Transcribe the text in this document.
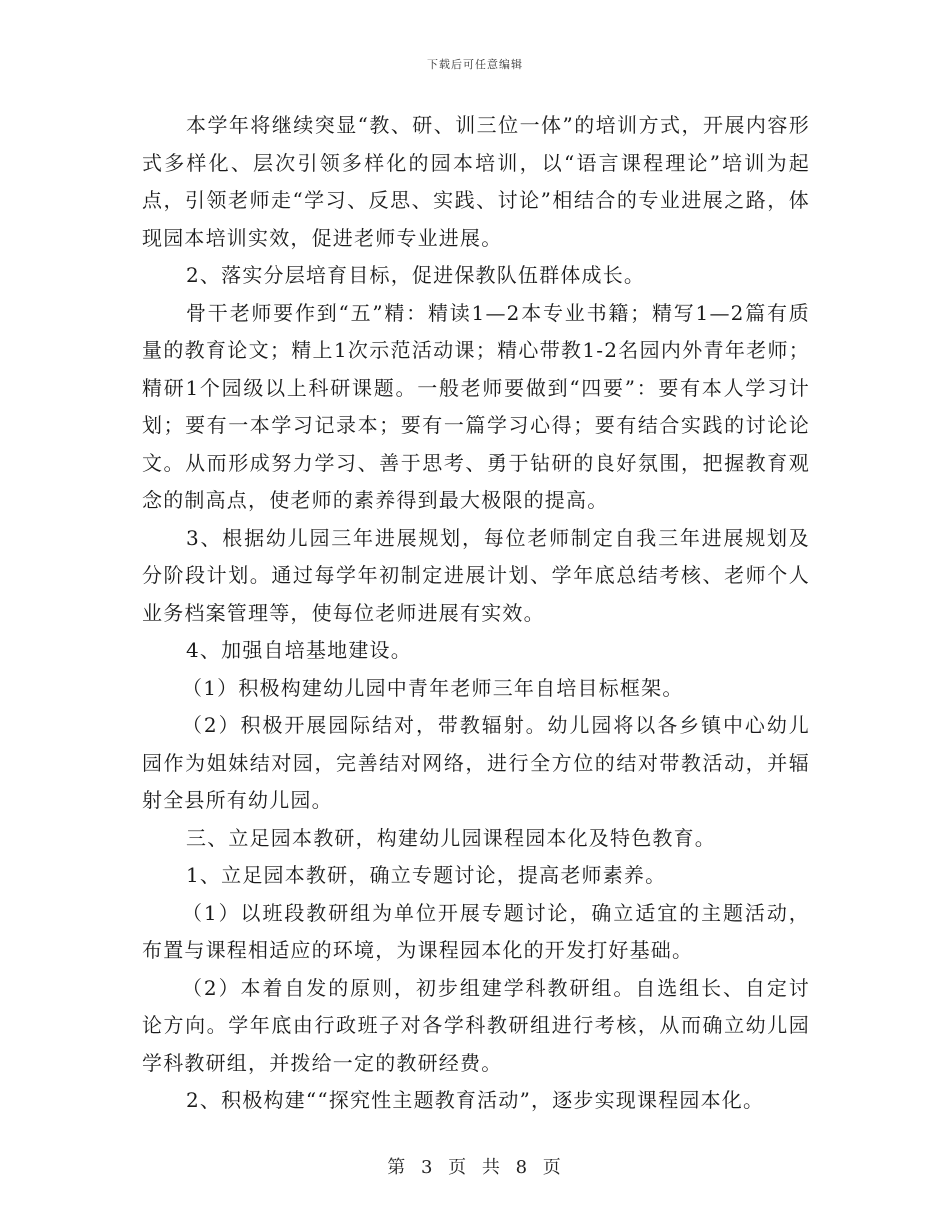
下载后可任意编辑

本学年将继续突显“教、研、训三位一体”的培训方式，开展内容形式多样化、层次引领多样化的园本培训，以“语言课程理论”培训为起点，引领老师走“学习、反思、实践、讨论”相结合的专业进展之路，体现园本培训实效，促进老师专业进展。

2、落实分层培育目标，促进保教队伍群体成长。

骨干老师要作到“五”精：精读1—2本专业书籍；精写1—2篇有质量的教育论文；精上1次示范活动课；精心带教1-2名园内外青年老师；精研1个园级以上科研课题。一般老师要做到“四要”：要有本人学习计划；要有一本学习记录本；要有一篇学习心得；要有结合实践的讨论论文。从而形成努力学习、善于思考、勇于钻研的良好氛围，把握教育观念的制高点，使老师的素养得到最大极限的提高。

3、根据幼儿园三年进展规划，每位老师制定自我三年进展规划及分阶段计划。通过每学年初制定进展计划、学年底总结考核、老师个人业务档案管理等，使每位老师进展有实效。

4、加强自培基地建设。

（1）积极构建幼儿园中青年老师三年自培目标框架。

（2）积极开展园际结对，带教辐射。幼儿园将以各乡镇中心幼儿园作为姐妹结对园，完善结对网络，进行全方位的结对带教活动，并辐射全县所有幼儿园。

三、立足园本教研，构建幼儿园课程园本化及特色教育。

1、立足园本教研，确立专题讨论，提高老师素养。

（1）以班段教研组为单位开展专题讨论，确立适宜的主题活动，布置与课程相适应的环境，为课程园本化的开发打好基础。

（2）本着自发的原则，初步组建学科教研组。自选组长、自定讨论方向。学年底由行政班子对各学科教研组进行考核，从而确立幼儿园学科教研组，并拨给一定的教研经费。

2、积极构建““探究性主题教育活动”，逐步实现课程园本化。

第 3 页 共 8 页
